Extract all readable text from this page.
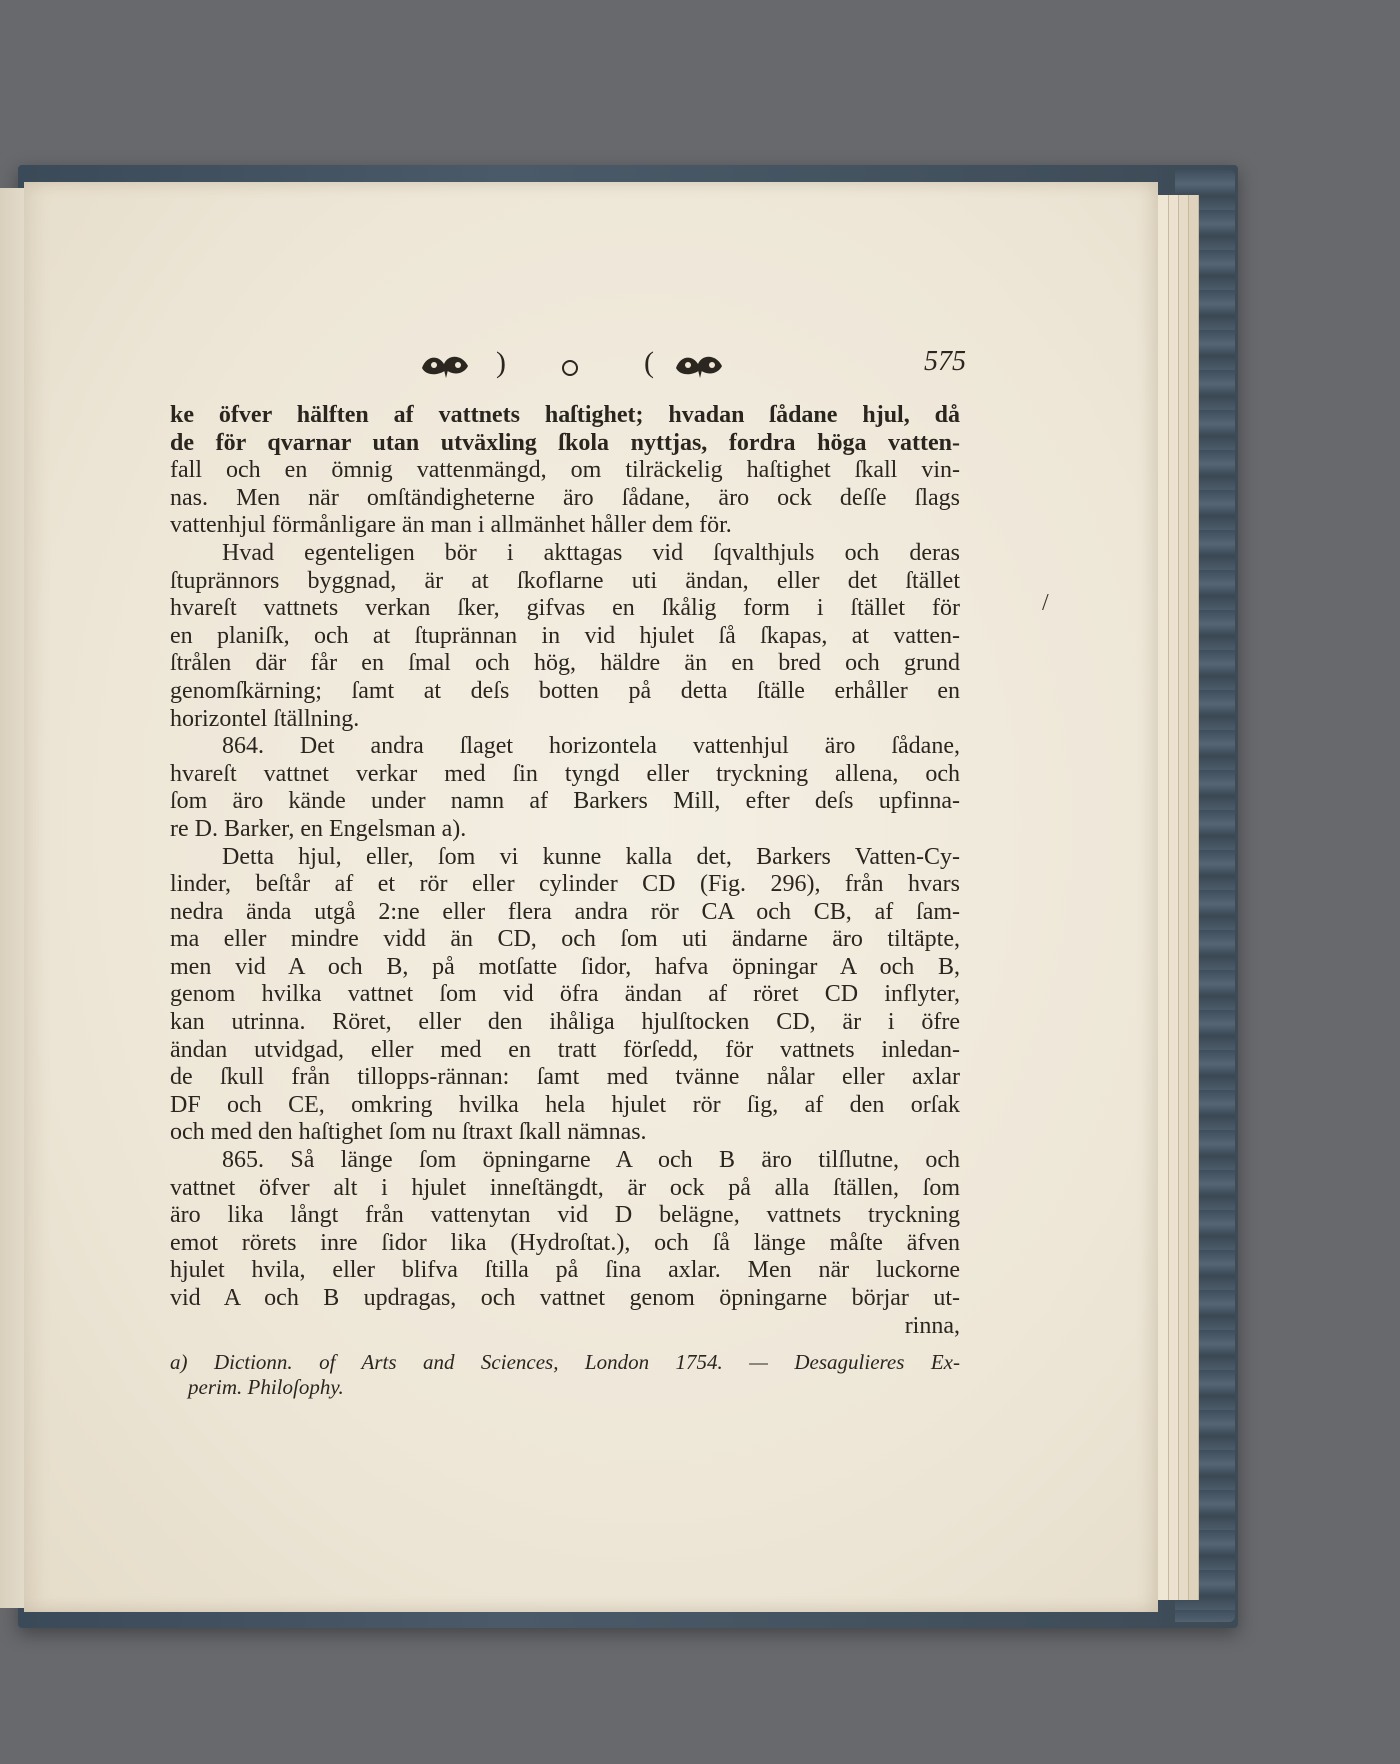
)	(	575
ke öfver hälften af vattnets haſtighet; hvadan ſådane hjul, då
de för qvarnar utan utväxling ſkola nyttjas, fordra höga vatten-
fall och en ömnig vattenmängd, om tilräckelig haſtighet ſkall vin-
nas. Men när omſtändigheterne äro ſådane, äro ock deſſe ſlags
vattenhjul förmånligare än man i allmänhet håller dem för.
Hvad egenteligen bör i akttagas vid ſqvalthjuls och deras
ſtuprännors byggnad, är at ſkoflarne uti ändan, eller det ſtället
hvareſt vattnets verkan ſker, gifvas en ſkålig form i ſtället för
en planiſk, och at ſtuprännan in vid hjulet ſå ſkapas, at vatten-
ſtrålen där får en ſmal och hög, häldre än en bred och grund
genomſkärning; ſamt at deſs botten på detta ſtälle erhåller en
horizontel ſtällning.
864. Det andra ſlaget horizontela vattenhjul äro ſådane,
hvareſt vattnet verkar med ſin tyngd eller tryckning allena, och
ſom äro kände under namn af Barkers Mill, efter deſs upfinna-
re D. Barker, en Engelsman a).
Detta hjul, eller, ſom vi kunne kalla det, Barkers Vatten-Cy-
linder, beſtår af et rör eller cylinder CD (Fig. 296), från hvars
nedra ända utgå 2:ne eller flera andra rör CA och CB, af ſam-
ma eller mindre vidd än CD, och ſom uti ändarne äro tiltäpte,
men vid A och B, på motſatte ſidor, hafva öpningar A och B,
genom hvilka vattnet ſom vid öfra ändan af röret CD inflyter,
kan utrinna. Röret, eller den ihåliga hjulſtocken CD, är i öfre
ändan utvidgad, eller med en tratt förſedd, för vattnets inledan-
de ſkull från tillopps-rännan: ſamt med tvänne nålar eller axlar
DF och CE, omkring hvilka hela hjulet rör ſig, af den orſak
och med den haſtighet ſom nu ſtraxt ſkall nämnas.
865. Så länge ſom öpningarne A och B äro tilſlutne, och
vattnet öfver alt i hjulet inneſtängdt, är ock på alla ſtällen, ſom
äro lika långt från vattenytan vid D belägne, vattnets tryckning
emot rörets inre ſidor lika (Hydroſtat.), och ſå länge måſte äfven
hjulet hvila, eller blifva ſtilla på ſina axlar. Men när luckorne
vid A och B updragas, och vattnet genom öpningarne börjar ut-
rinna,
a) Dictionn. of Arts and Sciences, London 1754. — Desagulieres Ex-
perim. Philoſophy.
/
